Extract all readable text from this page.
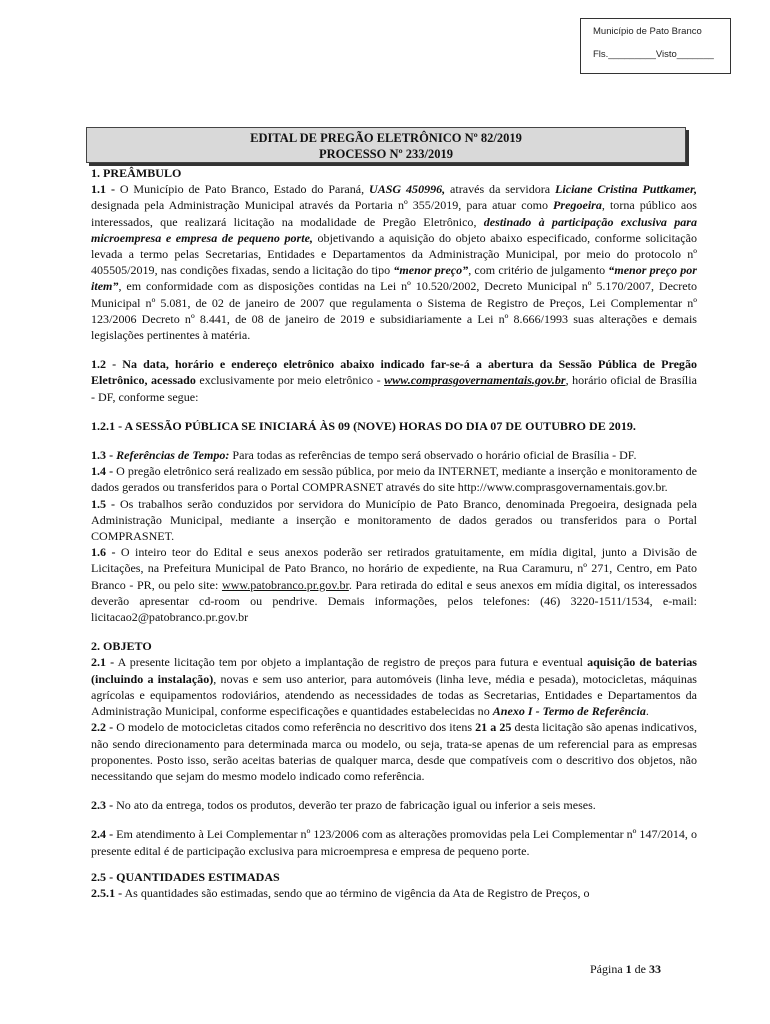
Município de Pato Branco
Fls._________Visto_______
EDITAL DE PREGÃO ELETRÔNICO Nº 82/2019
PROCESSO Nº 233/2019

1. PREÂMBULO

1.1 - O Município de Pato Branco, Estado do Paraná, UASG 450996, através da servidora Liciane Cristina Puttkamer, designada pela Administração Municipal através da Portaria nº 355/2019, para atuar como Pregoeira, torna público aos interessados, que realizará licitação na modalidade de Pregão Eletrônico, destinado à participação exclusiva para microempresa e empresa de pequeno porte, objetivando a aquisição do objeto abaixo especificado, conforme solicitação levada a termo pelas Secretarias, Entidades e Departamentos da Administração Municipal, por meio do protocolo nº 405505/2019, nas condições fixadas, sendo a licitação do tipo “menor preço”, com critério de julgamento “menor preço por item”, em conformidade com as disposições contidas na Lei nº 10.520/2002, Decreto Municipal nº 5.170/2007, Decreto Municipal nº 5.081, de 02 de janeiro de 2007 que regulamenta o Sistema de Registro de Preços, Lei Complementar nº 123/2006 Decreto nº 8.441, de 08 de janeiro de 2019 e subsidiariamente a Lei nº 8.666/1993 suas alterações e demais legislações pertinentes à matéria.

1.2 - Na data, horário e endereço eletrônico abaixo indicado far-se-á a abertura da Sessão Pública de Pregão Eletrônico, acessado exclusivamente por meio eletrônico - www.comprasgovernamentais.gov.br, horário oficial de Brasília - DF, conforme segue:

1.2.1 - A SESSÃO PÚBLICA SE INICIARÁ ÀS 09 (NOVE) HORAS DO DIA 07 DE OUTUBRO DE 2019.

1.3 - Referências de Tempo: Para todas as referências de tempo será observado o horário oficial de Brasília - DF.

1.4 - O pregão eletrônico será realizado em sessão pública, por meio da INTERNET, mediante a inserção e monitoramento de dados gerados ou transferidos para o Portal COMPRASNET através do site http://www.comprasgovernamentais.gov.br.

1.5 - Os trabalhos serão conduzidos por servidora do Município de Pato Branco, denominada Pregoeira, designada pela Administração Municipal, mediante a inserção e monitoramento de dados gerados ou transferidos para o Portal COMPRASNET.

1.6 - O inteiro teor do Edital e seus anexos poderão ser retirados gratuitamente, em mídia digital, junto a Divisão de Licitações, na Prefeitura Municipal de Pato Branco, no horário de expediente, na Rua Caramuru, nº 271, Centro, em Pato Branco - PR, ou pelo site: www.patobranco.pr.gov.br. Para retirada do edital e seus anexos em mídia digital, os interessados deverão apresentar cd-room ou pendrive. Demais informações, pelos telefones: (46) 3220-1511/1534, e-mail: licitacao2@patobranco.pr.gov.br

2. OBJETO

2.1 - A presente licitação tem por objeto a implantação de registro de preços para futura e eventual aquisição de baterias (incluindo a instalação), novas e sem uso anterior, para automóveis (linha leve, média e pesada), motocicletas, máquinas agrícolas e equipamentos rodoviários, atendendo as necessidades de todas as Secretarias, Entidades e Departamentos da Administração Municipal, conforme especificações e quantidades estabelecidas no Anexo I - Termo de Referência.

2.2 - O modelo de motocicletas citados como referência no descritivo dos itens 21 a 25 desta licitação são apenas indicativos, não sendo direcionamento para determinada marca ou modelo, ou seja, trata-se apenas de um referencial para as empresas proponentes. Posto isso, serão aceitas baterias de qualquer marca, desde que compatíveis com o descritivo dos objetos, não necessitando que sejam do mesmo modelo indicado como referência.

2.3 - No ato da entrega, todos os produtos, deverão ter prazo de fabricação igual ou inferior a seis meses.

2.4 - Em atendimento à Lei Complementar nº 123/2006 com as alterações promovidas pela Lei Complementar nº 147/2014, o presente edital é de participação exclusiva para microempresa e empresa de pequeno porte.

2.5 - QUANTIDADES ESTIMADAS

2.5.1 - As quantidades são estimadas, sendo que ao término de vigência da Ata de Registro de Preços, o

Página 1 de 33
